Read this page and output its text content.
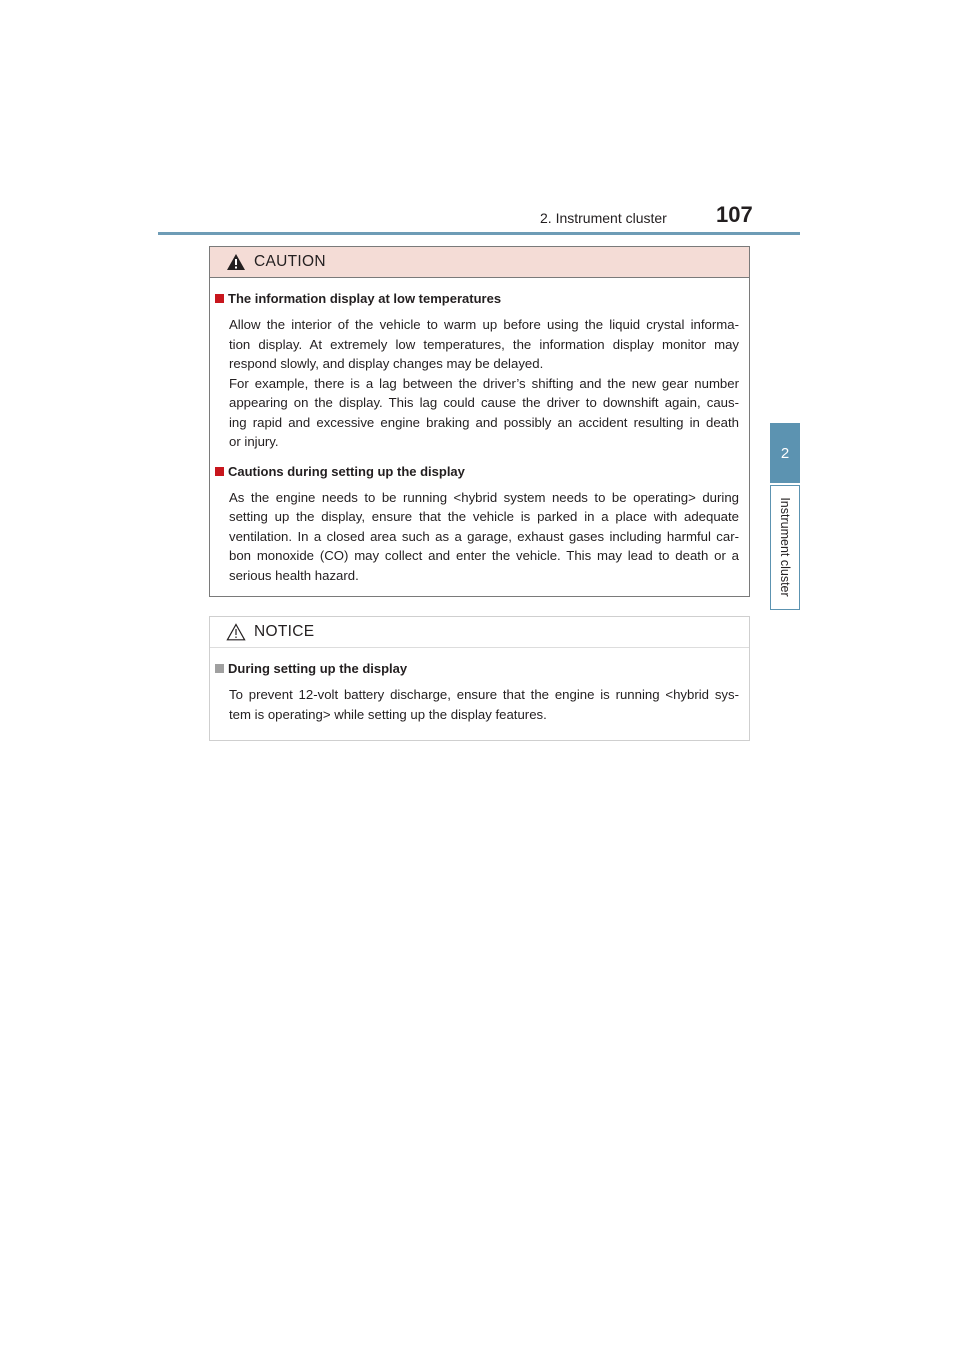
2. Instrument cluster 107
2
Instrument cluster
CAUTION
The information display at low temperatures
Allow the interior of the vehicle to warm up before using the liquid crystal informa-
tion display. At extremely low temperatures, the information display monitor may
respond slowly, and display changes may be delayed.
For example, there is a lag between the driver’s shifting and the new gear number
appearing on the display. This lag could cause the driver to downshift again, caus-
ing rapid and excessive engine braking and possibly an accident resulting in death
or injury.
Cautions during setting up the display
As the engine needs to be running <hybrid system needs to be operating> during
setting up the display, ensure that the vehicle is parked in a place with adequate
ventilation. In a closed area such as a garage, exhaust gases including harmful car-
bon monoxide (CO) may collect and enter the vehicle. This may lead to death or a
serious health hazard.
NOTICE
During setting up the display
To prevent 12-volt battery discharge, ensure that the engine is running <hybrid sys-
tem is operating> while setting up the display features.
